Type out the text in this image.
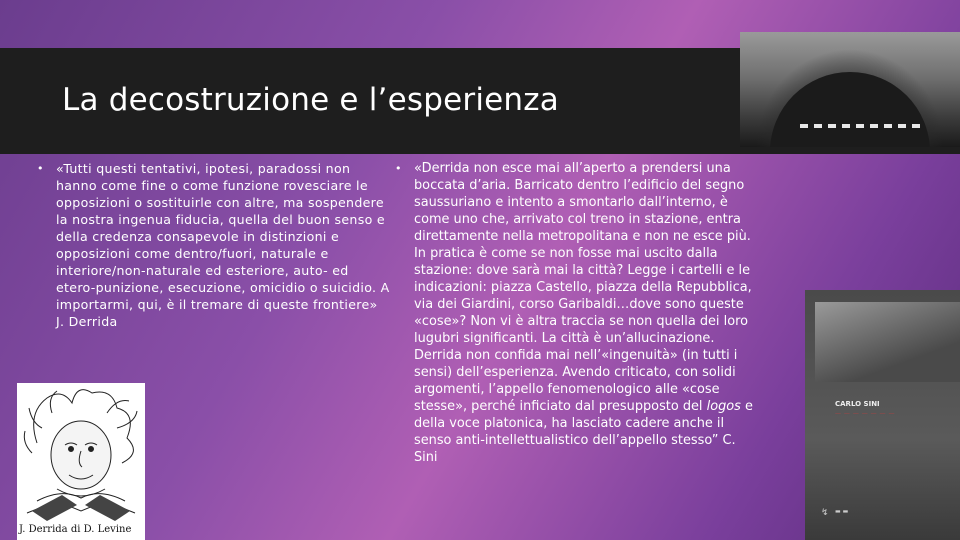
La decostruzione e l’esperienza
• «Tutti questi tentativi, ipotesi, paradossi non hanno come fine o come funzione rovesciare le opposizioni o sostituirle con altre, ma sospendere la nostra ingenua fiducia, quella del buon senso e della credenza consapevole in distinzioni e opposizioni come dentro/fuori, naturale e interiore/non-naturale ed esteriore, auto- ed etero-punizione, esecuzione, omicidio o suicidio. A importarmi, qui, è il tremare di queste frontiere» J. Derrida
• «Derrida non esce mai all’aperto a prendersi una boccata d’aria. Barricato dentro l’edificio del segno saussuriano e intento a smontarlo dall’interno, è come uno che, arrivato col treno in stazione, entra direttamente nella metropolitana e non ne esce più. In pratica è come se non fosse mai uscito dalla stazione: dove sarà mai la città? Legge i cartelli e le indicazioni: piazza Castello, piazza della Repubblica, via dei Giardini, corso Garibaldi…dove sono queste «cose»? Non vi è altra traccia se non quella dei loro lugubri significanti. La città è un’allucinazione. Derrida non confida mai nell’«ingenuità» (in tutti i sensi) dell’esperienza. Avendo criticato, con solidi argomenti, l’appello fenomenologico alle «cose stesse», perché inficiato dal presupposto del logos e della voce platonica, ha lasciato cadere anche il senso anti-intellettualistico dell’appello stesso” C. Sini
J. Derrida di D. Levine
CARLO SINI
— — — — — — —
↯ ▬ ▬
